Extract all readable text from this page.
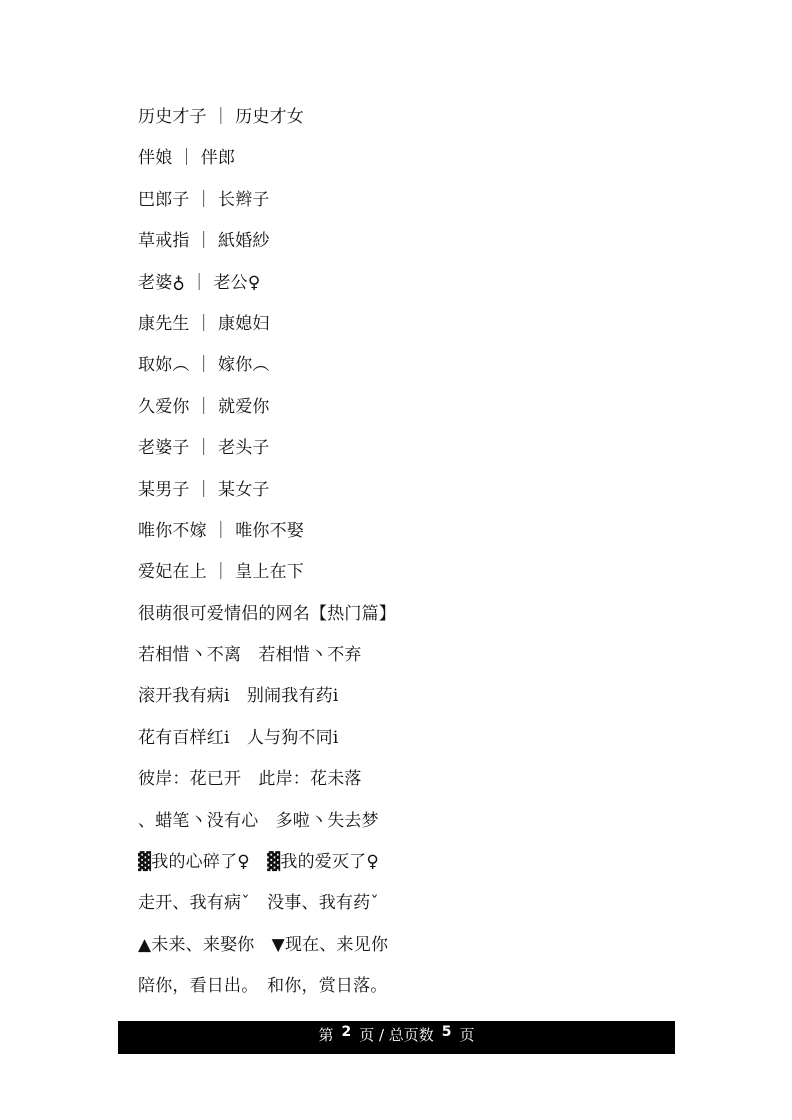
历史才子 ｜ 历史才女
伴娘 ｜ 伴郎
巴郎子 ｜ 长辫子
草戒指 ｜ 紙婚紗
老婆♁ ｜ 老公♀
康先生 ｜ 康媳妇
取妳︵ ｜ 嫁你︵
久爱你 ｜ 就爱你
老婆子 ｜ 老头子
某男子 ｜ 某女子
唯你不嫁 ｜ 唯你不娶
爱妃在上 ｜ 皇上在下
很萌很可爱情侣的网名【热门篇】
若相惜丶不离　若相惜丶不弃
滚开我有病ⅰ　别闹我有药ⅰ
花有百样红ⅰ　人与狗不同ⅰ
彼岸：花已开　此岸：花未落
、蜡笔丶没有心　多啦丶失去梦
▓我的心碎了♀　▓我的爱灭了♀
走开、我有病ˇ　没事、我有药ˇ
▲未来、来娶你　▼现在、来见你
陪你，看日出。　和你，赏日落。
第 2 页 / 总页数 5 页
